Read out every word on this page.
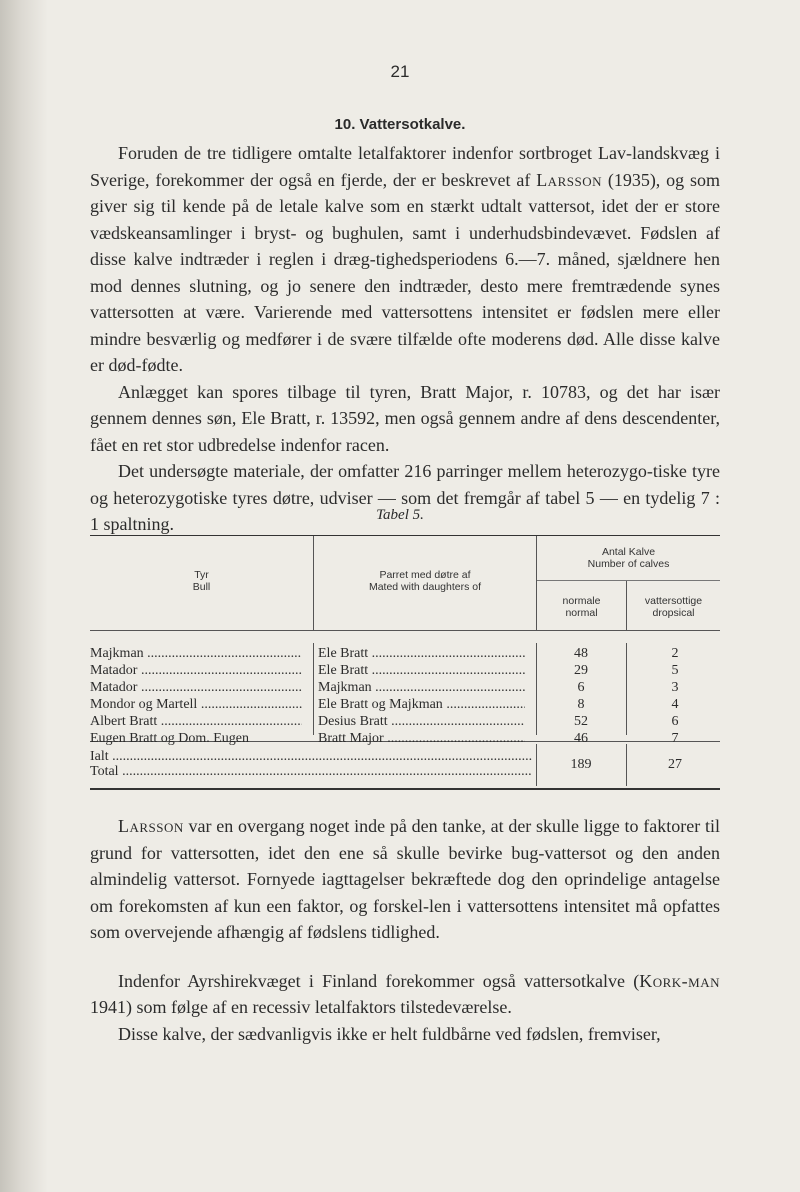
21
10. Vattersotkalve.

Foruden de tre tidligere omtalte letalfaktorer indenfor sortbroget Lav-landskvæg i Sverige, forekommer der også en fjerde, der er beskrevet af Larsson (1935), og som giver sig til kende på de letale kalve som en stærkt udtalt vattersot, idet der er store vædskeansamlinger i bryst- og bughulen, samt i underhudsbindevævet. Fødslen af disse kalve indtræder i reglen i dræg-tighedsperiodens 6.—7. måned, sjældnere hen mod dennes slutning, og jo senere den indtræder, desto mere fremtrædende synes vattersotten at være. Varierende med vattersottens intensitet er fødslen mere eller mindre besværlig og medfører i de svære tilfælde ofte moderens død. Alle disse kalve er død-fødte.

Anlægget kan spores tilbage til tyren, Bratt Major, r. 10783, og det har især gennem dennes søn, Ele Bratt, r. 13592, men også gennem andre af dens descendenter, fået en ret stor udbredelse indenfor racen.

Det undersøgte materiale, der omfatter 216 parringer mellem heterozygo-tiske tyre og heterozygotiske tyres døtre, udviser — som det fremgår af tabel 5 — en tydelig 7 : 1 spaltning.	Tabel 5.
Tyr
Bull
Parret med døtre af
Mated with daughters of
Antal Kalve
Number of calves
normale
normal
vattersottige
dropsical
Majkman .....	Ele Bratt .....	48	2
Matador .....	Ele Bratt .....	29	5
Matador .....	Majkman .....	6	3
Mondor og Martell .....	Ele Bratt og Majkman .....	8	4
Albert Bratt .....	Desius Bratt .....	52	6
Eugen Bratt og Dom. Eugen	Bratt Major .....	46	7
Ialt .....
Total .....	189	27

Larsson var en overgang noget inde på den tanke, at der skulle ligge to faktorer til grund for vattersotten, idet den ene så skulle bevirke bug-vattersot og den anden almindelig vattersot. Fornyede iagttagelser bekræftede dog den oprindelige antagelse om forekomsten af kun een faktor, og forskel-len i vattersottens intensitet må opfattes som overvejende afhængig af fødslens tidlighed.

Indenfor Ayrshirekvæget i Finland forekommer også vattersotkalve (Kork-man 1941) som følge af en recessiv letalfaktors tilstedeværelse.

Disse kalve, der sædvanligvis ikke er helt fuldbårne ved fødslen, fremviser,
